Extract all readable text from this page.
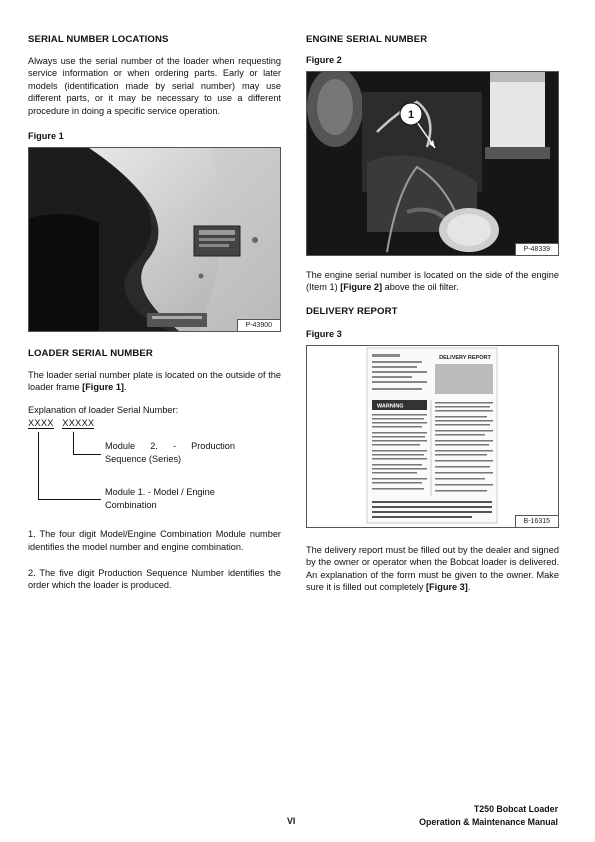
SERIAL NUMBER LOCATIONS

Always use the serial number of the loader when requesting service information or when ordering parts. Early or later models (identification made by serial number) may use different parts, or it may be necessary to use a different procedure in doing a specific service operation.

Figure 1
P-43900
LOADER SERIAL NUMBER

The loader serial number plate is located on the outside of the loader frame [Figure 1].

Explanation of loader Serial Number:

XXXX XXXXX
Module 2. - Production Sequence (Series)
Module 1. - Model / Engine Combination

1. The four digit Model/Engine Combination Module number identifies the model number and engine combination.

2. The five digit Production Sequence Number identifies the order which the loader is produced.

ENGINE SERIAL NUMBER
Figure 2
1
P-48339

The engine serial number is located on the side of the engine (Item 1) [Figure 2] above the oil filter.

DELIVERY REPORT
Figure 3
DELIVERY REPORT
WARNING
B-16315

The delivery report must be filled out by the dealer and signed by the owner or operator when the Bobcat loader is delivered. An explanation of the form must be given to the owner. Make sure it is filled out completely [Figure 3].

VI
T250 Bobcat Loader
Operation & Maintenance Manual
